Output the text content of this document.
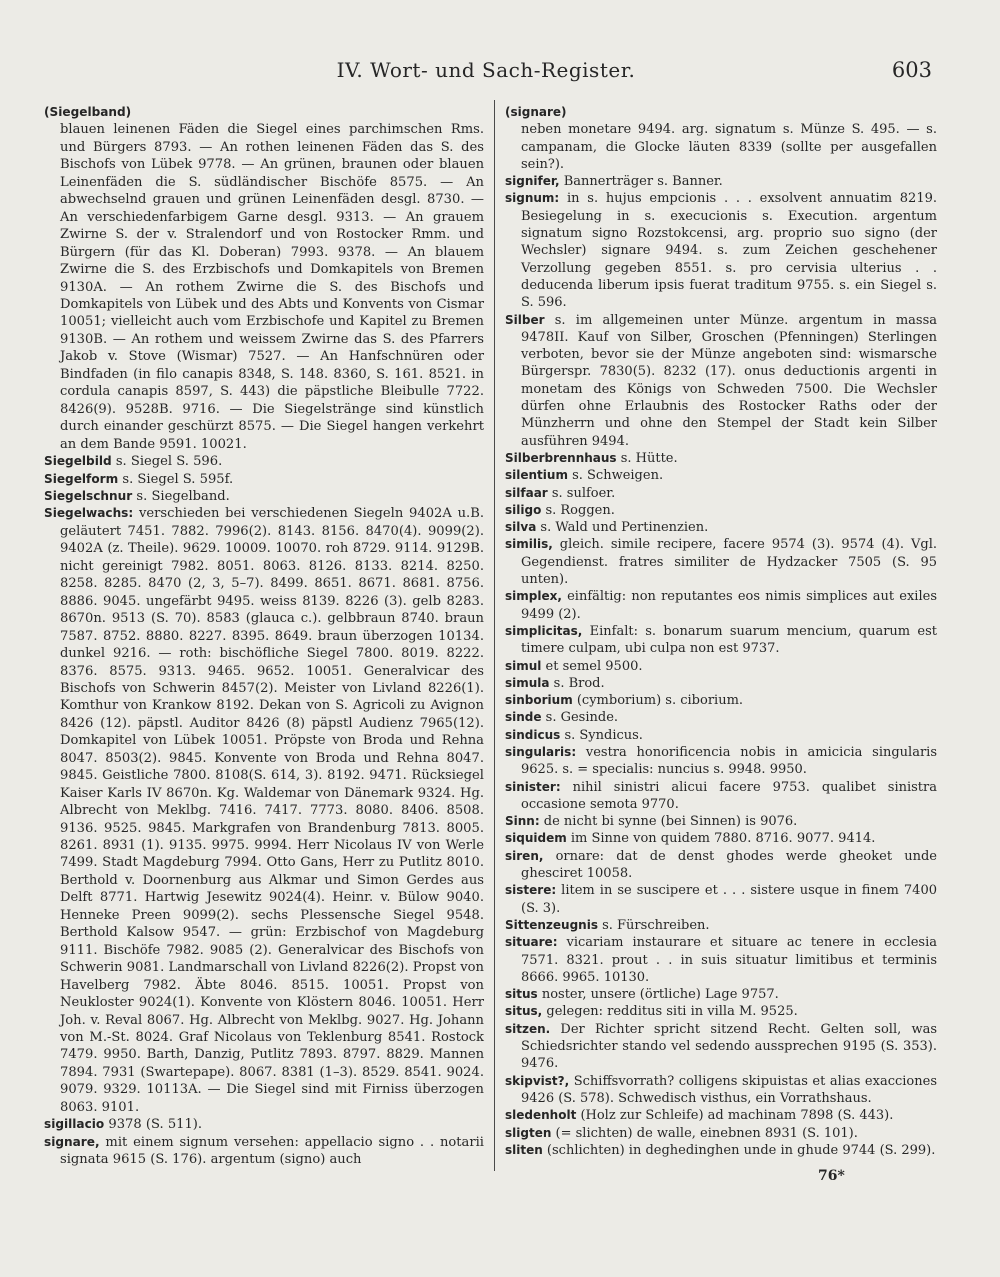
IV. Wort- und Sach-Register.	603

(Siegelband)

blauen leinenen Fäden die Siegel eines parchimschen Rms. und Bürgers 8793. — An rothen leinenen Fäden das S. des Bischofs von Lübek 9778. — An grünen, braunen oder blauen Leinenfäden die S. südländischer Bischöfe 8575. — An abwechselnd grauen und grünen Leinenfäden desgl. 8730. — An verschiedenfarbigem Garne desgl. 9313. — An grauem Zwirne S. der v. Stralendorf und von Rostocker Rmm. und Bürgern (für das Kl. Doberan) 7993. 9378. — An blauem Zwirne die S. des Erzbischofs und Domkapitels von Bremen 9130A. — An rothem Zwirne die S. des Bischofs und Domkapitels von Lübek und des Abts und Konvents von Cismar 10051; vielleicht auch vom Erzbischofe und Kapitel zu Bremen 9130B. — An rothem und weissem Zwirne das S. des Pfarrers Jakob v. Stove (Wismar) 7527. — An Hanfschnüren oder Bindfaden (in filo canapis 8348, S. 148. 8360, S. 161. 8521. in cordula canapis 8597, S. 443) die päpstliche Bleibulle 7722. 8426(9). 9528B. 9716. — Die Siegelstränge sind künstlich durch einander geschürzt 8575. — Die Siegel hangen verkehrt an dem Bande 9591. 10021.

Siegelbild s. Siegel S. 596.

Siegelform s. Siegel S. 595f.

Siegelschnur s. Siegelband.

Siegelwachs: verschieden bei verschiedenen Siegeln 9402A u.B. geläutert 7451. 7882. 7996(2). 8143. 8156. 8470(4). 9099(2). 9402A (z. Theile). 9629. 10009. 10070. roh 8729. 9114. 9129B. nicht gereinigt 7982. 8051. 8063. 8126. 8133. 8214. 8250. 8258. 8285. 8470 (2, 3, 5–7). 8499. 8651. 8671. 8681. 8756. 8886. 9045. ungefärbt 9495. weiss 8139. 8226 (3). gelb 8283. 8670n. 9513 (S. 70). 8583 (glauca c.). gelbbraun 8740. braun 7587. 8752. 8880. 8227. 8395. 8649. braun überzogen 10134. dunkel 9216. — roth: bischöfliche Siegel 7800. 8019. 8222. 8376. 8575. 9313. 9465. 9652. 10051. Generalvicar des Bischofs von Schwerin 8457(2). Meister von Livland 8226(1). Komthur von Krankow 8192. Dekan von S. Agricoli zu Avignon 8426 (12). päpstl. Auditor 8426 (8) päpstl Audienz 7965(12). Domkapitel von Lübek 10051. Pröpste von Broda und Rehna 8047. 8503(2). 9845. Konvente von Broda und Rehna 8047. 9845. Geistliche 7800. 8108(S. 614, 3). 8192. 9471. Rücksiegel Kaiser Karls IV 8670n. Kg. Waldemar von Dänemark 9324. Hg. Albrecht von Meklbg. 7416. 7417. 7773. 8080. 8406. 8508. 9136. 9525. 9845. Markgrafen von Brandenburg 7813. 8005. 8261. 8931 (1). 9135. 9975. 9994. Herr Nicolaus IV von Werle 7499. Stadt Magdeburg 7994. Otto Gans, Herr zu Putlitz 8010. Berthold v. Doornenburg aus Alkmar und Simon Gerdes aus Delft 8771. Hartwig Jesewitz 9024(4). Heinr. v. Bülow 9040. Henneke Preen 9099(2). sechs Plessensche Siegel 9548. Berthold Kalsow 9547. — grün: Erzbischof von Magdeburg 9111. Bischöfe 7982. 9085 (2). Generalvicar des Bischofs von Schwerin 9081. Landmarschall von Livland 8226(2). Propst von Havelberg 7982. Äbte 8046. 8515. 10051. Propst von Neukloster 9024(1). Konvente von Klöstern 8046. 10051. Herr Joh. v. Reval 8067. Hg. Albrecht von Meklbg. 9027. Hg. Johann von M.-St. 8024. Graf Nicolaus von Teklenburg 8541. Rostock 7479. 9950. Barth, Danzig, Putlitz 7893. 8797. 8829. Mannen 7894. 7931 (Swartepape). 8067. 8381 (1–3). 8529. 8541. 9024. 9079. 9329. 10113A. — Die Siegel sind mit Firniss überzogen 8063. 9101.

sigillacio 9378 (S. 511).

signare, mit einem signum versehen: appellacio signo . . notarii signata 9615 (S. 176). argentum (signo) auch

(signare)

neben monetare 9494. arg. signatum s. Münze S. 495. — s. campanam, die Glocke läuten 8339 (sollte per ausgefallen sein?).

signifer, Bannerträger s. Banner.

signum: in s. hujus empcionis . . . exsolvent annuatim 8219. Besiegelung in s. execucionis s. Execution. argentum signatum signo Rozstokcensi, arg. proprio suo signo (der Wechsler) signare 9494. s. zum Zeichen geschehener Verzollung gegeben 8551. s. pro cervisia ulterius . . deducenda liberum ipsis fuerat traditum 9755. s. ein Siegel s. S. 596.

Silber s. im allgemeinen unter Münze. argentum in massa 9478II. Kauf von Silber, Groschen (Pfenningen) Sterlingen verboten, bevor sie der Münze angeboten sind: wismarsche Bürgerspr. 7830(5). 8232 (17). onus deductionis argenti in monetam des Königs von Schweden 7500. Die Wechsler dürfen ohne Erlaubnis des Rostocker Raths oder der Münzherrn und ohne den Stempel der Stadt kein Silber ausführen 9494.

Silberbrennhaus s. Hütte.

silentium s. Schweigen.

silfaar s. sulfoer.

siligo s. Roggen.

silva s. Wald und Pertinenzien.

similis, gleich. simile recipere, facere 9574 (3). 9574 (4). Vgl. Gegendienst. fratres similiter de Hydzacker 7505 (S. 95 unten).

simplex, einfältig: non reputantes eos nimis simplices aut exiles 9499 (2).

simplicitas, Einfalt: s. bonarum suarum mencium, quarum est timere culpam, ubi culpa non est 9737.

simul et semel 9500.

simula s. Brod.

sinborium (cymborium) s. ciborium.

sinde s. Gesinde.

sindicus s. Syndicus.

singularis: vestra honorificencia nobis in amicicia singularis 9625. s. = specialis: nuncius s. 9948. 9950.

sinister: nihil sinistri alicui facere 9753. qualibet sinistra occasione semota 9770.

Sinn: de nicht bi synne (bei Sinnen) is 9076.

siquidem im Sinne von quidem 7880. 8716. 9077. 9414.

siren, ornare: dat de denst ghodes werde gheoket unde ghesciret 10058.

sistere: litem in se suscipere et . . . sistere usque in finem 7400 (S. 3).

Sittenzeugnis s. Fürschreiben.

situare: vicariam instaurare et situare ac tenere in ecclesia 7571. 8321. prout . . in suis situatur limitibus et terminis 8666. 9965. 10130.

situs noster, unsere (örtliche) Lage 9757.

situs, gelegen: redditus siti in villa M. 9525.

sitzen. Der Richter spricht sitzend Recht. Gelten soll, was Schiedsrichter stando vel sedendo aussprechen 9195 (S. 353). 9476.

skipvist?, Schiffsvorrath? colligens skipuistas et alias exacciones 9426 (S. 578). Schwedisch visthus, ein Vorrathshaus.

sledenholt (Holz zur Schleife) ad machinam 7898 (S. 443).

sligten (= slichten) de walle, einebnen 8931 (S. 101).

sliten (schlichten) in deghedinghen unde in ghude 9744 (S. 299).

76*
